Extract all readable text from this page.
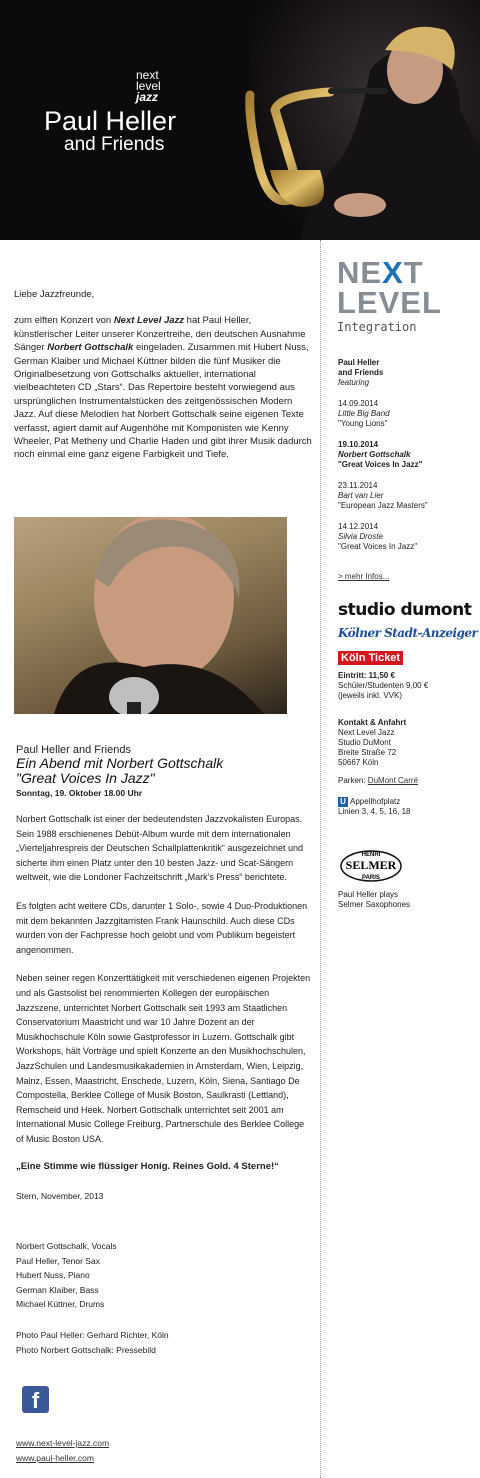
next
level
jazz
Paul Heller
and Friends

Liebe Jazzfreunde,

zum elften Konzert von Next Level Jazz hat Paul Heller, künstlerischer Leiter unserer Konzertreihe, den deutschen Ausnahme Sänger Norbert Gottschalk eingeladen. Zusammen mit Hubert Nuss, German Klaiber und Michael Küttner bilden die fünf Musiker die Originalbesetzung von Gottschalks aktueller, international vielbeachteten CD „Stars“. Das Repertoire besteht vorwiegend aus ursprünglichen Instrumentalstücken des zeitgenössischen Modern Jazz. Auf diese Melodien hat Norbert Gottschalk seine eigenen Texte verfasst, agiert damit auf Augenhöhe mit Komponisten wie Kenny Wheeler, Pat Metheny und Charlie Haden und gibt ihrer Musik dadurch noch einmal eine ganz eigene Farbigkeit und Tiefe.

Paul Heller and Friends
Ein Abend mit Norbert Gottschalk
"Great Voices In Jazz"
Sonntag, 19. Oktober 18.00 Uhr

Norbert Gottschalk ist einer der bedeutendsten Jazzvokalisten Europas. Sein 1988 erschienenes Debüt-Album wurde mit dem internationalen „Vierteljahrespreis der Deutschen Schallplattenkritik“ ausgezeichnet und sicherte ihm einen Platz unter den 10 besten Jazz- und Scat-Sängern weltweit, wie die Londoner Fachzeitschrift „Mark’s Press“ berichtete.

Es folgten acht weitere CDs, darunter 1 Solo-, sowie 4 Duo-Produktionen mit dem bekannten Jazzgitarristen Frank Haunschild. Auch diese CDs wurden von der Fachpresse hoch gelobt und vom Publikum begeistert angenommen.

Neben seiner regen Konzerttätigkeit mit verschiedenen eigenen Projekten und als Gastsolist bei renommierten Kollegen der europäischen Jazzszene, unterrichtet Norbert Gottschalk seit 1993 am Staatlichen Conservatorium Maastricht und war 10 Jahre Dozent an der Musikhochschule Köln sowie Gastprofessor in Luzern. Gottschalk gibt Workshops, hält Vorträge und spielt Konzerte an den Musikhochschulen, JazzSchulen und Landesmusikakademien in Amsterdam, Wien, Leipzig, Mainz, Essen, Maastricht, Enschede, Luzern, Köln, Siena, Santiago De Compostella, Berklee College of Musik Boston, Saulkrasti (Lettland), Remscheid und Heek. Norbert Gottschalk unterrichtet seit 2001 am International Music College Freiburg, Partnerschule des Berklee College of Music Boston USA.

„Eine Stimme wie flüssiger Honig. Reines Gold. 4 Sterne!“

Stern, November, 2013

Norbert Gottschalk, Vocals
Paul Heller, Tenor Sax
Hubert Nuss, Piano
German Klaiber, Bass
Michael Küttner, Drums
Photo Paul Heller: Gerhard Richter, Köln
Photo Norbert Gottschalk: Pressebild
f
www.next-level-jazz.com
www.paul-heller.com
NEXT
LEVEL
Integration
Paul Heller
and Friends
featuring
14.09.2014
Little Big Band
"Young Lions"
19.10.2014
Norbert Gottschalk
"Great Voices In Jazz"
23.11.2014
Bart van Lier
"European Jazz Masters"
14.12.2014
Silvia Droste
"Great Voices In Jazz"
> mehr Infos...
studio dumont
Kölner Stadt-Anzeiger
Köln Ticket
Eintritt: 11,50 €
Schüler/Studenten 9,00 €
(jeweils inkl. VVK)
Kontakt & Anfahrt
Next Level Jazz
Studio DuMont
Breite Straße 72
50667 Köln
Parken: DuMont Carré
U Appellhofplatz
Linien 3, 4, 5, 16, 18
HENRI
SELMER
PARIS
Paul Heller plays
Selmer Saxophones
